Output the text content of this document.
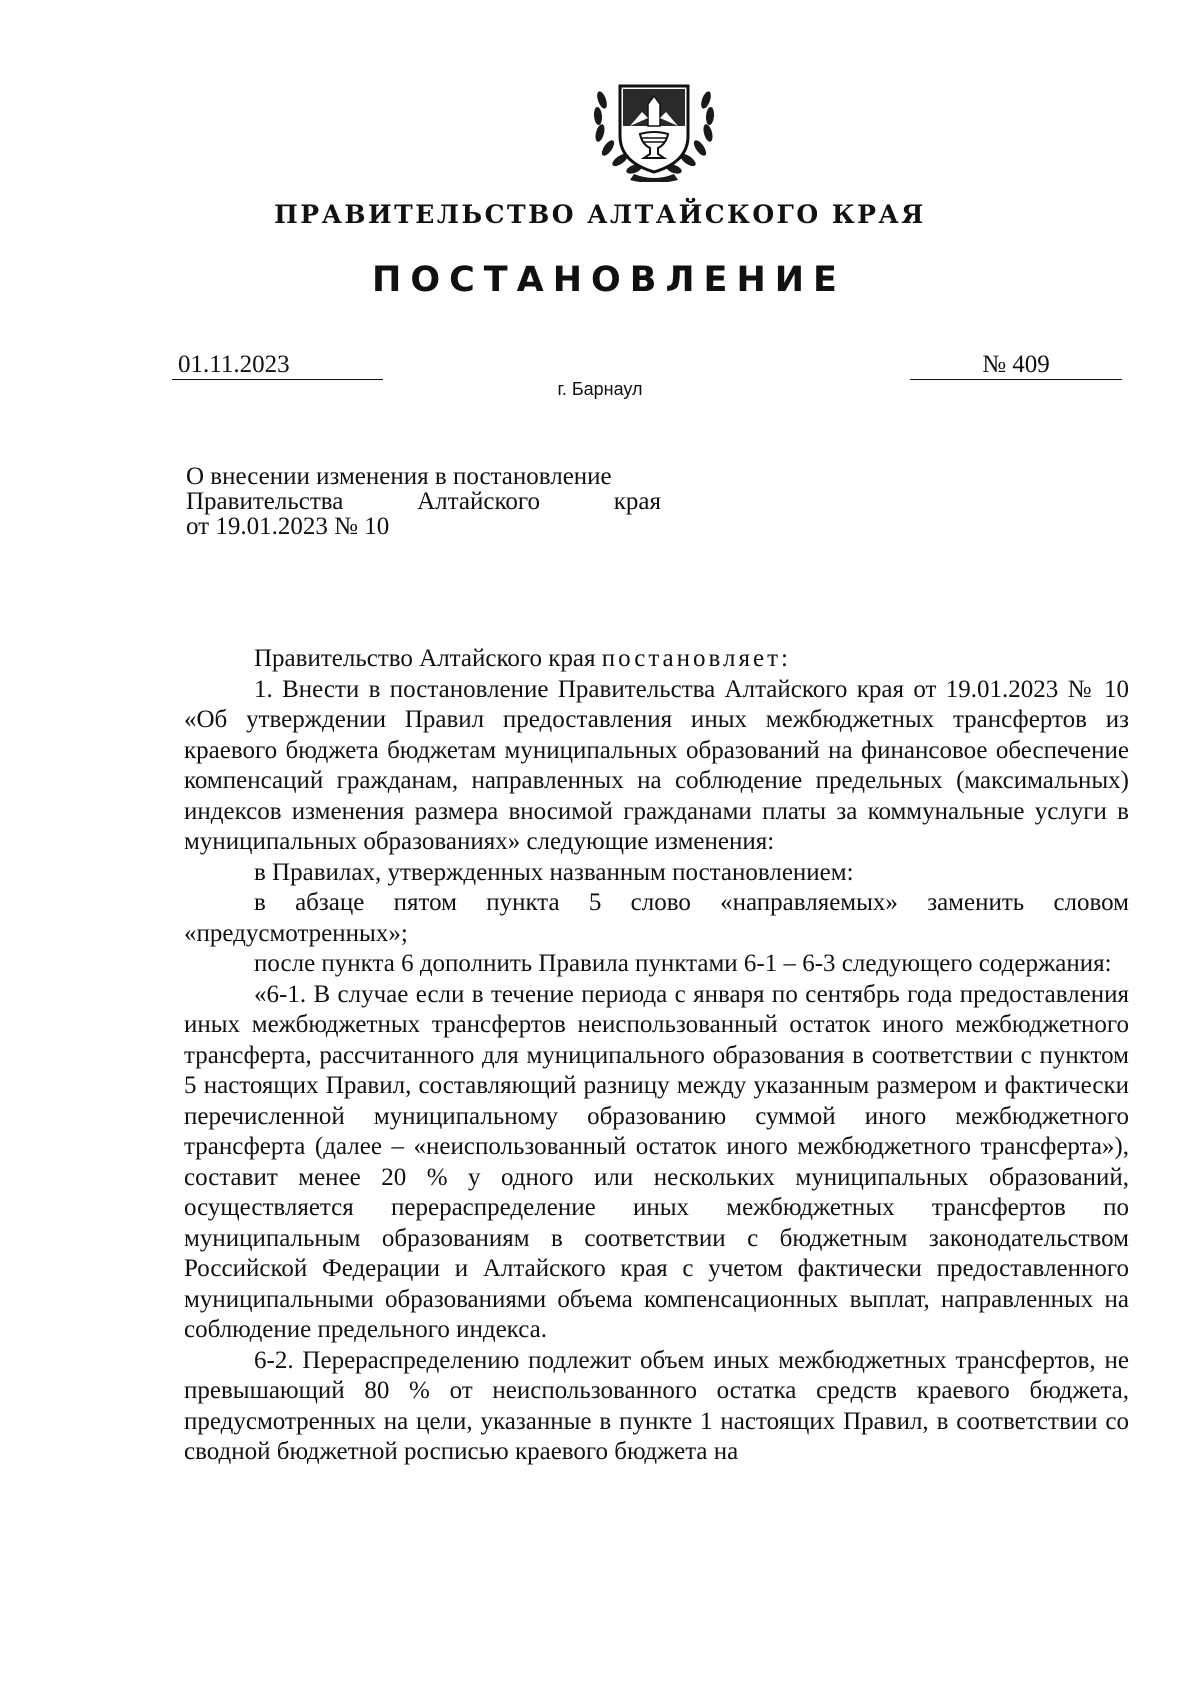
ПРАВИТЕЛЬСТВО АЛТАЙСКОГО КРАЯ
ПОСТАНОВЛЕНИЕ
01.11.2023	№ 409
г. Барнаул
О внесении изменения в постановление
Правительства Алтайского края
от 19.01.2023 № 10

Правительство Алтайского края постановляет:

1. Внести в постановление Правительства Алтайского края от 19.01.2023 № 10 «Об утверждении Правил предоставления иных межбюджетных трансфертов из краевого бюджета бюджетам муниципальных образований на финансовое обеспечение компенсаций гражданам, направленных на соблюдение предельных (максимальных) индексов изменения размера вносимой гражданами платы за коммунальные услуги в муниципальных образованиях» следующие изменения:

в Правилах, утвержденных названным постановлением:

в абзаце пятом пункта 5 слово «направляемых» заменить словом «предусмотренных»;

после пункта 6 дополнить Правила пунктами 6-1 – 6-3 следующего содержания:

«6-1. В случае если в течение периода с января по сентябрь года предоставления иных межбюджетных трансфертов неиспользованный остаток иного межбюджетного трансферта, рассчитанного для муниципального образования в соответствии с пунктом 5 настоящих Правил, составляющий разницу между указанным размером и фактически перечисленной муниципальному образованию суммой иного межбюджетного трансферта (далее – «неиспользованный остаток иного межбюджетного трансферта»), составит менее 20 % у одного или нескольких муниципальных образований, осуществляется перераспределение иных межбюджетных трансфертов по муниципальным образованиям в соответствии с бюджетным законодательством Российской Федерации и Алтайского края с учетом фактически предоставленного муниципальными образованиями объема компенсационных выплат, направленных на соблюдение предельного индекса.

6-2. Перераспределению подлежит объем иных межбюджетных трансфертов, не превышающий 80 % от неиспользованного остатка средств краевого бюджета, предусмотренных на цели, указанные в пункте 1 настоящих Правил, в соответствии со сводной бюджетной росписью краевого бюджета на
